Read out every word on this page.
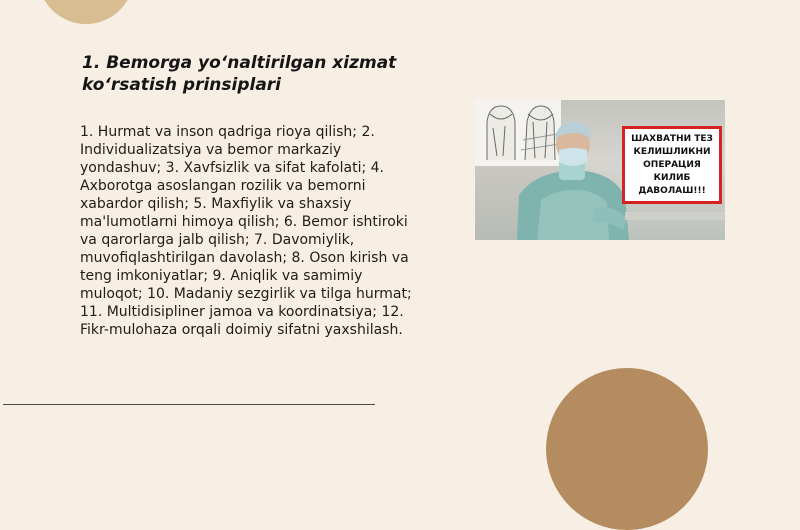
1. Bemorga yo‘naltirilgan xizmat ko‘rsatish prinsiplari

1. Hurmat va inson qadriga rioya qilish; 2. Individualizatsiya va bemor markaziy yondashuv; 3. Xavfsizlik va sifat kafolati; 4. Axborotga asoslangan rozilik va bemorni xabardor qilish; 5. Maxfiylik va shaxsiy ma'lumotlarni himoya qilish; 6. Bemor ishtiroki va qarorlarga jalb qilish; 7. Davomiylik, muvofiqlashtirilgan davolash; 8. Oson kirish va teng imkoniyatlar; 9. Aniqlik va samimiy muloqot; 10. Madaniy sezgirlik va tilga hurmat; 11. Multidisipliner jamoa va koordinatsiya; 12. Fikr-mulohaza orqali doimiy sifatni yaxshilash.

ШАХВАТНИ ТЕЗ
КЕЛИШЛИКНИ
ОПЕРАЦИЯ КИЛИБ
ДАВОЛАШ!!!
